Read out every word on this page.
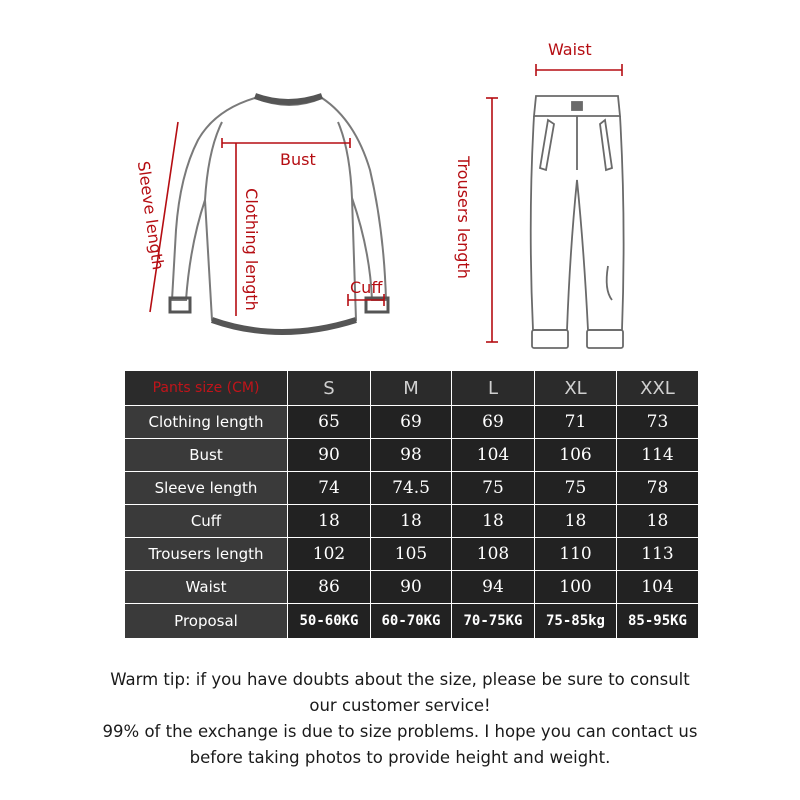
Waist
Bust
Sleeve length	Clothing length	Cuff
Trousers length
Pants size (CM)	S	M	L	XL	XXL
Clothing length	65	69	69	71	73
Bust	90	98	104	106	114
Sleeve length	74	74.5	75	75	78
Cuff	18	18	18	18	18
Trousers length	102	105	108	110	113
Waist	86	90	94	100	104
Proposal	50-60KG	60-70KG	70-75KG	75-85kg	85-95KG
Warm tip: if you have doubts about the size, please be sure to consult
our customer service!
99% of the exchange is due to size problems. I hope you can contact us
before taking photos to provide height and weight.
